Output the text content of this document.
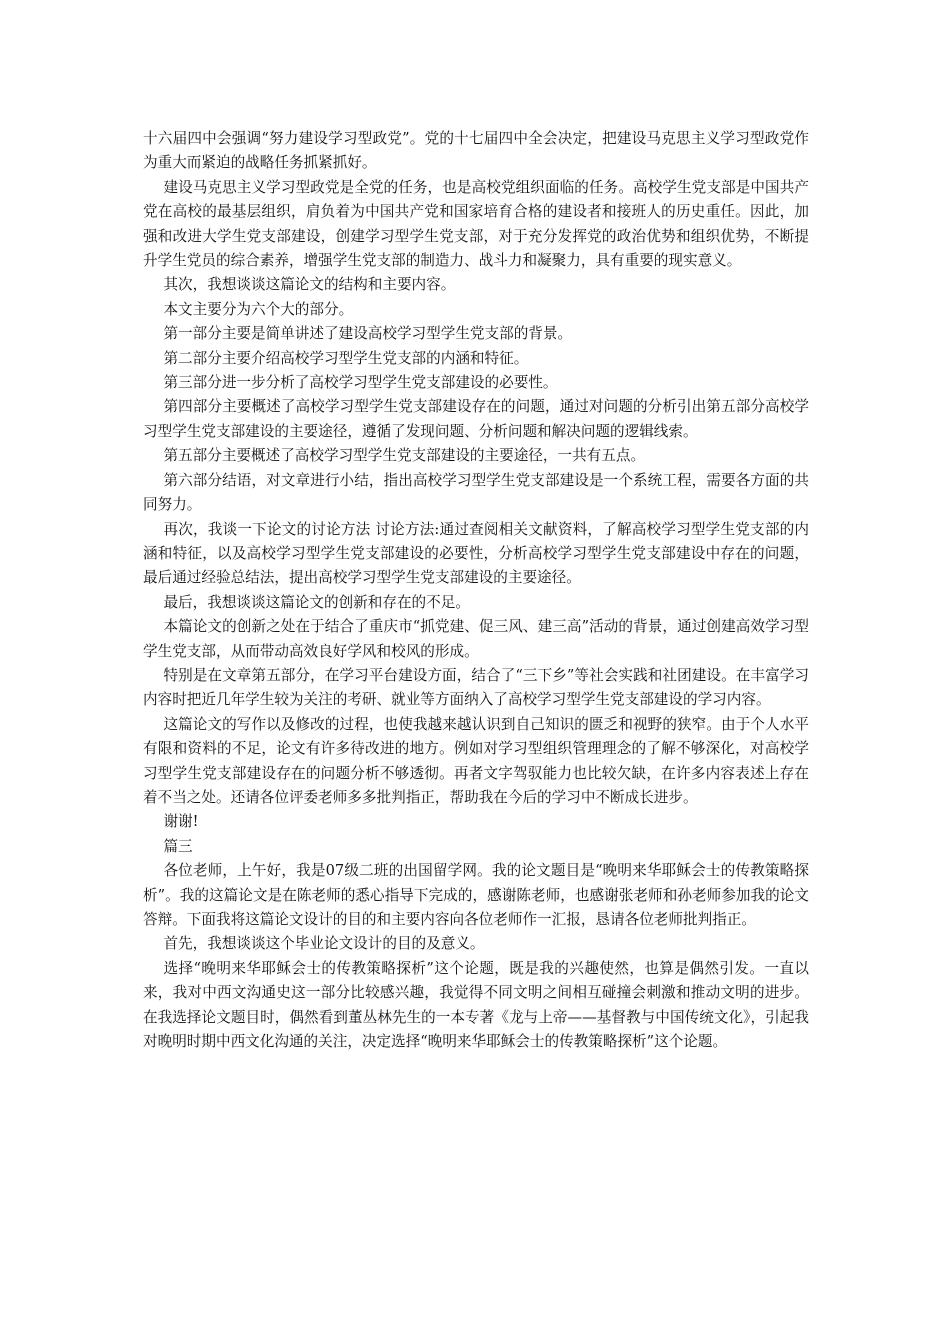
十六届四中会强调“努力建设学习型政党”。党的十七届四中全会决定，把建设马克思主义学习型政党作为重大而紧迫的战略任务抓紧抓好。

建设马克思主义学习型政党是全党的任务，也是高校党组织面临的任务。高校学生党支部是中国共产党在高校的最基层组织，肩负着为中国共产党和国家培育合格的建设者和接班人的历史重任。因此，加强和改进大学生党支部建设，创建学习型学生党支部，对于充分发挥党的政治优势和组织优势，不断提升学生党员的综合素养，增强学生党支部的制造力、战斗力和凝聚力，具有重要的现实意义。

其次，我想谈谈这篇论文的结构和主要内容。

本文主要分为六个大的部分。

第一部分主要是简单讲述了建设高校学习型学生党支部的背景。

第二部分主要介绍高校学习型学生党支部的内涵和特征。

第三部分进一步分析了高校学习型学生党支部建设的必要性。

第四部分主要概述了高校学习型学生党支部建设存在的问题，通过对问题的分析引出第五部分高校学习型学生党支部建设的主要途径，遵循了发现问题、分析问题和解决问题的逻辑线索。

第五部分主要概述了高校学习型学生党支部建设的主要途径，一共有五点。

第六部分结语，对文章进行小结，指出高校学习型学生党支部建设是一个系统工程，需要各方面的共同努力。

再次，我谈一下论文的讨论方法 讨论方法:通过查阅相关文献资料，了解高校学习型学生党支部的内涵和特征，以及高校学习型学生党支部建设的必要性，分析高校学习型学生党支部建设中存在的问题，最后通过经验总结法，提出高校学习型学生党支部建设的主要途径。

最后，我想谈谈这篇论文的创新和存在的不足。

本篇论文的创新之处在于结合了重庆市“抓党建、促三风、建三高”活动的背景，通过创建高效学习型学生党支部，从而带动高效良好学风和校风的形成。

特别是在文章第五部分，在学习平台建设方面，结合了“三下乡”等社会实践和社团建设。在丰富学习内容时把近几年学生较为关注的考研、就业等方面纳入了高校学习型学生党支部建设的学习内容。

这篇论文的写作以及修改的过程，也使我越来越认识到自己知识的匮乏和视野的狭窄。由于个人水平有限和资料的不足，论文有许多待改进的地方。例如对学习型组织管理理念的了解不够深化，对高校学习型学生党支部建设存在的问题分析不够透彻。再者文字驾驭能力也比较欠缺，在许多内容表述上存在着不当之处。还请各位评委老师多多批判指正，帮助我在今后的学习中不断成长进步。

谢谢!

篇三

各位老师，上午好，我是07级二班的出国留学网。我的论文题目是“晚明来华耶稣会士的传教策略探析”。我的这篇论文是在陈老师的悉心指导下完成的，感谢陈老师，也感谢张老师和孙老师参加我的论文答辩。下面我将这篇论文设计的目的和主要内容向各位老师作一汇报，恳请各位老师批判指正。

首先，我想谈谈这个毕业论文设计的目的及意义。

选择“晚明来华耶稣会士的传教策略探析”这个论题，既是我的兴趣使然，也算是偶然引发。一直以来，我对中西文沟通史这一部分比较感兴趣，我觉得不同文明之间相互碰撞会刺激和推动文明的进步。在我选择论文题目时，偶然看到董丛林先生的一本专著《龙与上帝——基督教与中国传统文化》，引起我对晚明时期中西文化沟通的关注，决定选择“晚明来华耶稣会士的传教策略探析”这个论题。
